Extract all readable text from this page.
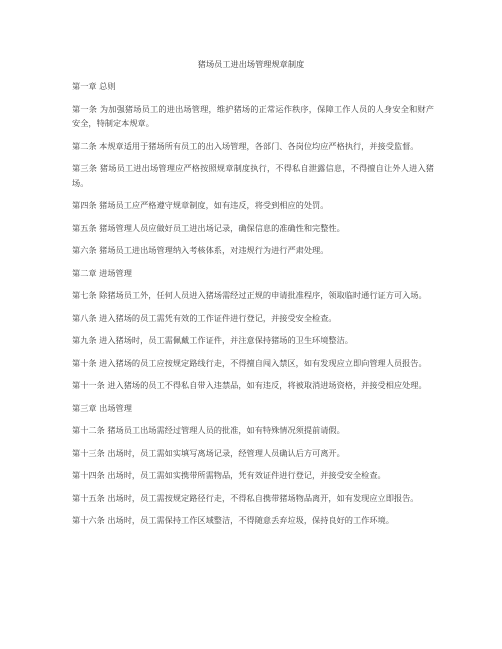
猪场员工进出场管理规章制度

第一章 总则

第一条 为加强猪场员工的进出场管理，维护猪场的正常运作秩序，保障工作人员的人身安全和财产安全，特制定本规章。

第二条 本规章适用于猪场所有员工的出入场管理，各部门、各岗位均应严格执行，并接受监督。

第三条 猪场员工进出场管理应严格按照规章制度执行，不得私自泄露信息，不得擅自让外人进入猪场。

第四条 猪场员工应严格遵守规章制度，如有违反，将受到相应的处罚。

第五条 猪场管理人员应做好员工进出场记录，确保信息的准确性和完整性。

第六条 猪场员工进出场管理纳入考核体系，对违规行为进行严肃处理。

第二章 进场管理

第七条 除猪场员工外，任何人员进入猪场需经过正规的申请批准程序，领取临时通行证方可入场。

第八条 进入猪场的员工需凭有效的工作证件进行登记，并接受安全检查。

第九条 进入猪场时，员工需佩戴工作证件，并注意保持猪场的卫生环境整洁。

第十条 进入猪场的员工应按规定路线行走，不得擅自闯入禁区，如有发现应立即向管理人员报告。

第十一条 进入猪场的员工不得私自带入违禁品，如有违反，将被取消进场资格，并接受相应处理。

第三章 出场管理

第十二条 猪场员工出场需经过管理人员的批准，如有特殊情况须提前请假。

第十三条 出场时，员工需如实填写离场记录，经管理人员确认后方可离开。

第十四条 出场时，员工需如实携带所需物品，凭有效证件进行登记，并接受安全检查。

第十五条 出场时，员工需按规定路径行走，不得私自携带猪场物品离开，如有发现应立即报告。

第十六条 出场时，员工需保持工作区域整洁，不得随意丢弃垃圾，保持良好的工作环境。
